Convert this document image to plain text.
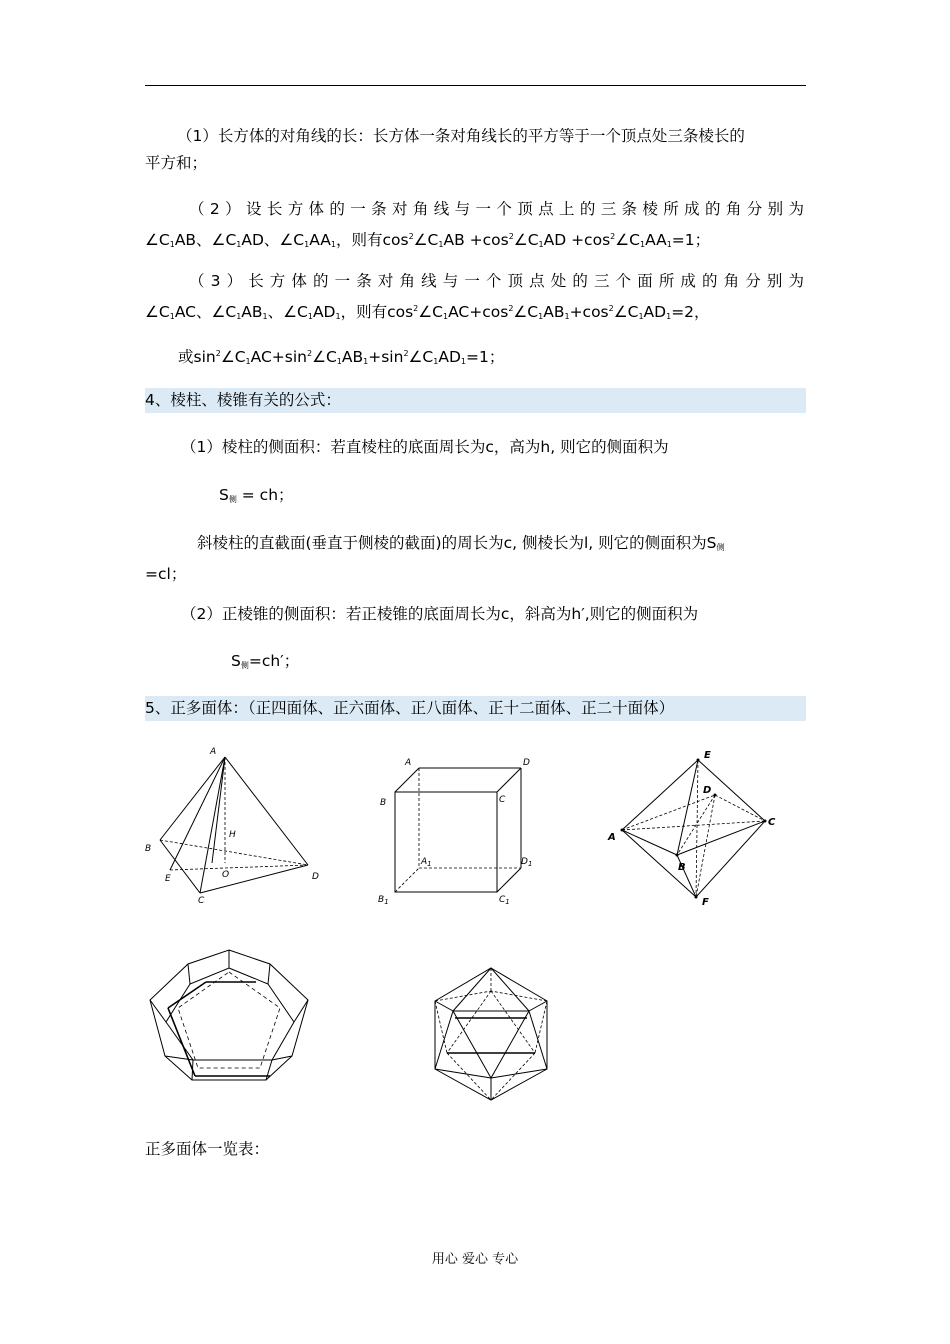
（1）长方体的对角线的长：长方体一条对角线长的平方等于一个顶点处三条棱长的
平方和；
（2）设长方体的一条对角线与一个顶点上的三条棱所成的角分别为
$\angle C_1AB$、$\angle C_1AD$、$\angle C_1AA_1$，则有$\cos^2\angle C_1AB$ $+\cos^2\angle C_1AD$ $+\cos^2\angle C_1AA_1=1$；
（3）长方体的一条对角线与一个顶点处的三个面所成的角分别为
$\angle C_1AC$、$\angle C_1AB_1$、$\angle C_1AD_1$，则有$\cos^2\angle C_1AC+\cos^2\angle C_1AB_1+\cos^2\angle C_1AD_1=2$，
或$\sin^2\angle C_1AC+\sin^2\angle C_1AB_1+\sin^2\angle C_1AD_1=1$；
4、棱柱、棱锥有关的公式：
（1）棱柱的侧面积：若直棱柱的底面周长为c，高为h, 则它的侧面积为
$S_侧$ = ch；
斜棱柱的直截面(垂直于侧棱的截面)的周长为c, 侧棱长为l, 则它的侧面积为$S_侧$
=cl；
（2）正棱锥的侧面积：若正棱锥的底面周长为c，斜高为h′,则它的侧面积为
$S_侧=ch'$；
5、正多面体：（正四面体、正六面体、正八面体、正十二面体、正二十面体）
A
B
C
D
E
H
O
A
B	C
D
$A_1$
$B_1$	$C_1$
$D_1$
A
B
C
D
E
F
正多面体一览表：
用心 爱心 专心
